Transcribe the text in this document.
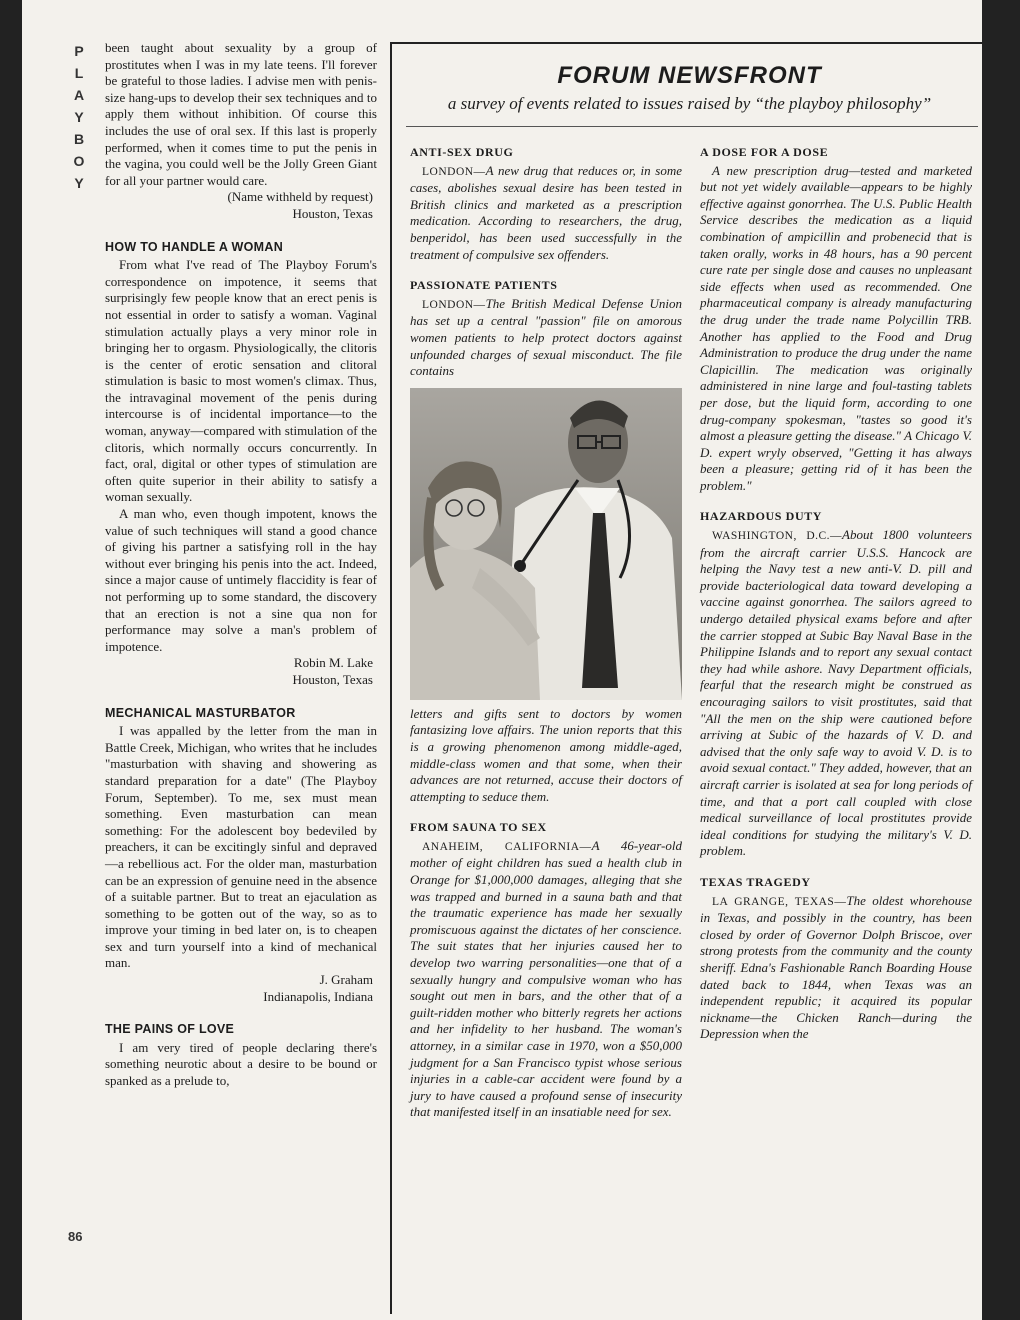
P
L
A
Y
B
O
Y
86

been taught about sexuality by a group of prostitutes when I was in my late teens. I'll forever be grateful to those ladies. I advise men with penis-size hang-ups to develop their sex techniques and to apply them without inhibition. Of course this includes the use of oral sex. If this last is properly performed, when it comes time to put the penis in the vagina, you could well be the Jolly Green Giant for all your partner would care.

(Name withheld by request)
Houston, Texas
HOW TO HANDLE A WOMAN

From what I've read of The Playboy Forum's correspondence on impotence, it seems that surprisingly few people know that an erect penis is not essential in order to satisfy a woman. Vaginal stimulation actually plays a very minor role in bringing her to orgasm. Physiologically, the clitoris is the center of erotic sensation and clitoral stimulation is basic to most women's climax. Thus, the intravaginal movement of the penis during intercourse is of incidental importance—to the woman, anyway—compared with stimulation of the clitoris, which normally occurs concurrently. In fact, oral, digital or other types of stimulation are often quite superior in their ability to satisfy a woman sexually.

A man who, even though impotent, knows the value of such techniques will stand a good chance of giving his partner a satisfying roll in the hay without ever bringing his penis into the act. Indeed, since a major cause of untimely flaccidity is fear of not performing up to some standard, the discovery that an erection is not a sine qua non for performance may solve a man's problem of impotence.

Robin M. Lake
Houston, Texas
MECHANICAL MASTURBATOR

I was appalled by the letter from the man in Battle Creek, Michigan, who writes that he includes "masturbation with shaving and showering as standard preparation for a date" (The Playboy Forum, September). To me, sex must mean something. Even masturbation can mean something: For the adolescent boy bedeviled by preachers, it can be excitingly sinful and depraved—a rebellious act. For the older man, masturbation can be an expression of genuine need in the absence of a suitable partner. But to treat an ejaculation as something to be gotten out of the way, so as to improve your timing in bed later on, is to cheapen sex and turn yourself into a kind of mechanical man.

J. Graham
Indianapolis, Indiana
THE PAINS OF LOVE

I am very tired of people declaring there's something neurotic about a desire to be bound or spanked as a prelude to,

FORUM NEWSFRONT
a survey of events related to issues raised by “the playboy philosophy”
ANTI-SEX DRUG

LONDON—A new drug that reduces or, in some cases, abolishes sexual desire has been tested in British clinics and marketed as a prescription medication. According to researchers, the drug, benperidol, has been used successfully in the treatment of compulsive sex offenders.

PASSIONATE PATIENTS

LONDON—The British Medical Defense Union has set up a central "passion" file on amorous women patients to help protect doctors against unfounded charges of sexual misconduct. The file contains

letters and gifts sent to doctors by women fantasizing love affairs. The union reports that this is a growing phenomenon among middle-aged, middle-class women and that some, when their advances are not returned, accuse their doctors of attempting to seduce them.

FROM SAUNA TO SEX

ANAHEIM, CALIFORNIA—A 46-year-old mother of eight children has sued a health club in Orange for $1,000,000 damages, alleging that she was trapped and burned in a sauna bath and that the traumatic experience has made her sexually promiscuous against the dictates of her conscience. The suit states that her injuries caused her to develop two warring personalities—one that of a sexually hungry and compulsive woman who has sought out men in bars, and the other that of a guilt-ridden mother who bitterly regrets her actions and her infidelity to her husband. The woman's attorney, in a similar case in 1970, won a $50,000 judgment for a San Francisco typist whose serious injuries in a cable-car accident were found by a jury to have caused a profound sense of insecurity that manifested itself in an insatiable need for sex.

A DOSE FOR A DOSE

A new prescription drug—tested and marketed but not yet widely available—appears to be highly effective against gonorrhea. The U.S. Public Health Service describes the medication as a liquid combination of ampicillin and probenecid that is taken orally, works in 48 hours, has a 90 percent cure rate per single dose and causes no unpleasant side effects when used as recommended. One pharmaceutical company is already manufacturing the drug under the trade name Polycillin TRB. Another has applied to the Food and Drug Administration to produce the drug under the name Clapicillin. The medication was originally administered in nine large and foul-tasting tablets per dose, but the liquid form, according to one drug-company spokesman, "tastes so good it's almost a pleasure getting the disease." A Chicago V. D. expert wryly observed, "Getting it has always been a pleasure; getting rid of it has been the problem."

HAZARDOUS DUTY

WASHINGTON, D.C.—About 1800 volunteers from the aircraft carrier U.S.S. Hancock are helping the Navy test a new anti-V. D. pill and provide bacteriological data toward developing a vaccine against gonorrhea. The sailors agreed to undergo detailed physical exams before and after the carrier stopped at Subic Bay Naval Base in the Philippine Islands and to report any sexual contact they had while ashore. Navy Department officials, fearful that the research might be construed as encouraging sailors to visit prostitutes, said that "All the men on the ship were cautioned before arriving at Subic of the hazards of V. D. and advised that the only safe way to avoid V. D. is to avoid sexual contact." They added, however, that an aircraft carrier is isolated at sea for long periods of time, and that a port call coupled with close medical surveillance of local prostitutes provide ideal conditions for studying the military's V. D. problem.

TEXAS TRAGEDY

LA GRANGE, TEXAS—The oldest whorehouse in Texas, and possibly in the country, has been closed by order of Governor Dolph Briscoe, over strong protests from the community and the county sheriff. Edna's Fashionable Ranch Boarding House dated back to 1844, when Texas was an independent republic; it acquired its popular nickname—the Chicken Ranch—during the Depression when the
